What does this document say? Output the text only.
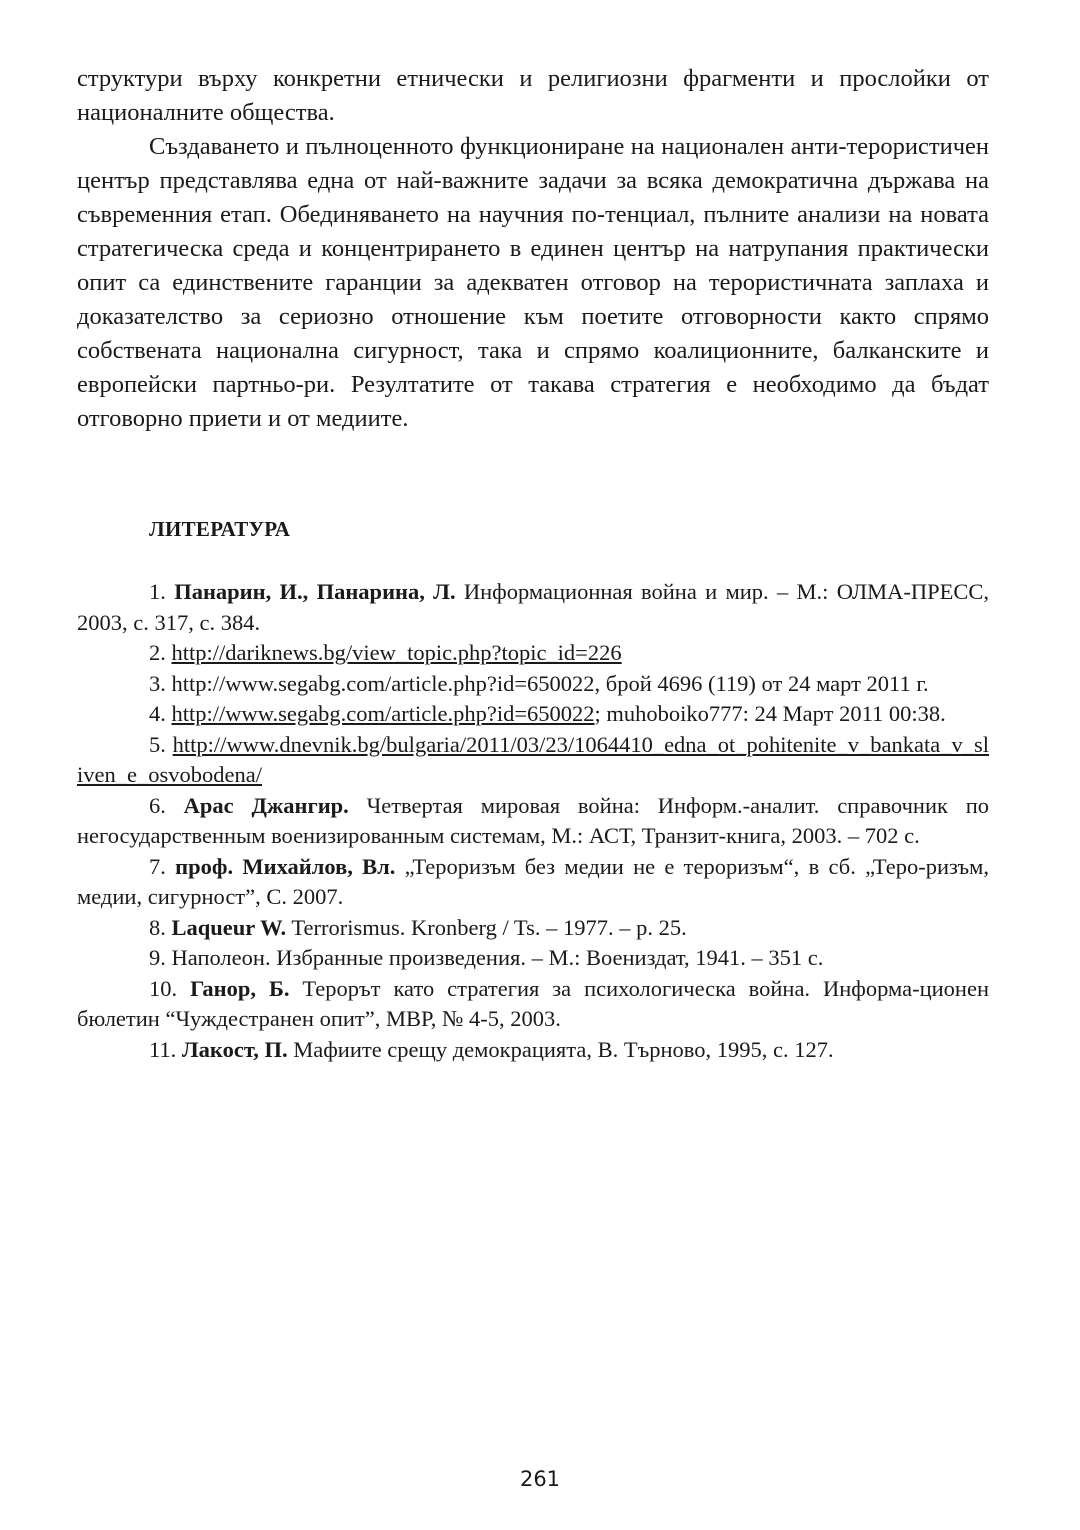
структури върху конкретни етнически и религиозни фрагменти и прослойки от националните общества.

Създаването и пълноценното функциониране на национален анти-терористичен център представлява една от най-важните задачи за всяка демократична държава на съвременния етап. Обединяването на научния по-тенциал, пълните анализи на новата стратегическа среда и концентрирането в единен център на натрупания практически опит са единствените гаранции за адекватен отговор на терористичната заплаха и доказателство за сериозно отношение към поетите отговорности както спрямо собствената национална сигурност, така и спрямо коалиционните, балканските и европейски партньо-ри. Резултатите от такава стратегия е необходимо да бъдат отговорно приети и от медиите.

ЛИТЕРАТУРА

1. Панарин, И., Панарина, Л. Информационная война и мир. – М.: ОЛМА-ПРЕСС, 2003, с. 317, с. 384.

2. http://dariknews.bg/view_topic.php?topic_id=226

3. http://www.segabg.com/article.php?id=650022, брой 4696 (119) от 24 март 2011 г.

4. http://www.segabg.com/article.php?id=650022; muhoboiko777: 24 Март 2011 00:38.

5. http://www.dnevnik.bg/bulgaria/2011/03/23/1064410_edna_ot_pohitenite_v_bankata_v_sliven_e_osvobodena/

6. Арас Джангир. Четвертая мировая война: Информ.-аналит. справочник по негосударственным военизированным системам, М.: АСТ, Транзит-книга, 2003. – 702 с.

7. проф. Михайлов, Вл. „Тероризъм без медии не е тероризъм“, в сб. „Теро-ризъм, медии, сигурност”, С. 2007.

8. Laqueur W. Terrorismus. Kronberg / Ts. – 1977. – p. 25.

9. Наполеон. Избранные произведения. – М.: Воениздат, 1941. – 351 с.

10. Ганор, Б. Терорът като стратегия за психологическа война. Информа-ционен бюлетин “Чуждестранен опит”, МВР, № 4-5, 2003.

11. Лакост, П. Мафиите срещу демокрацията, В. Търново, 1995, с. 127.

261
